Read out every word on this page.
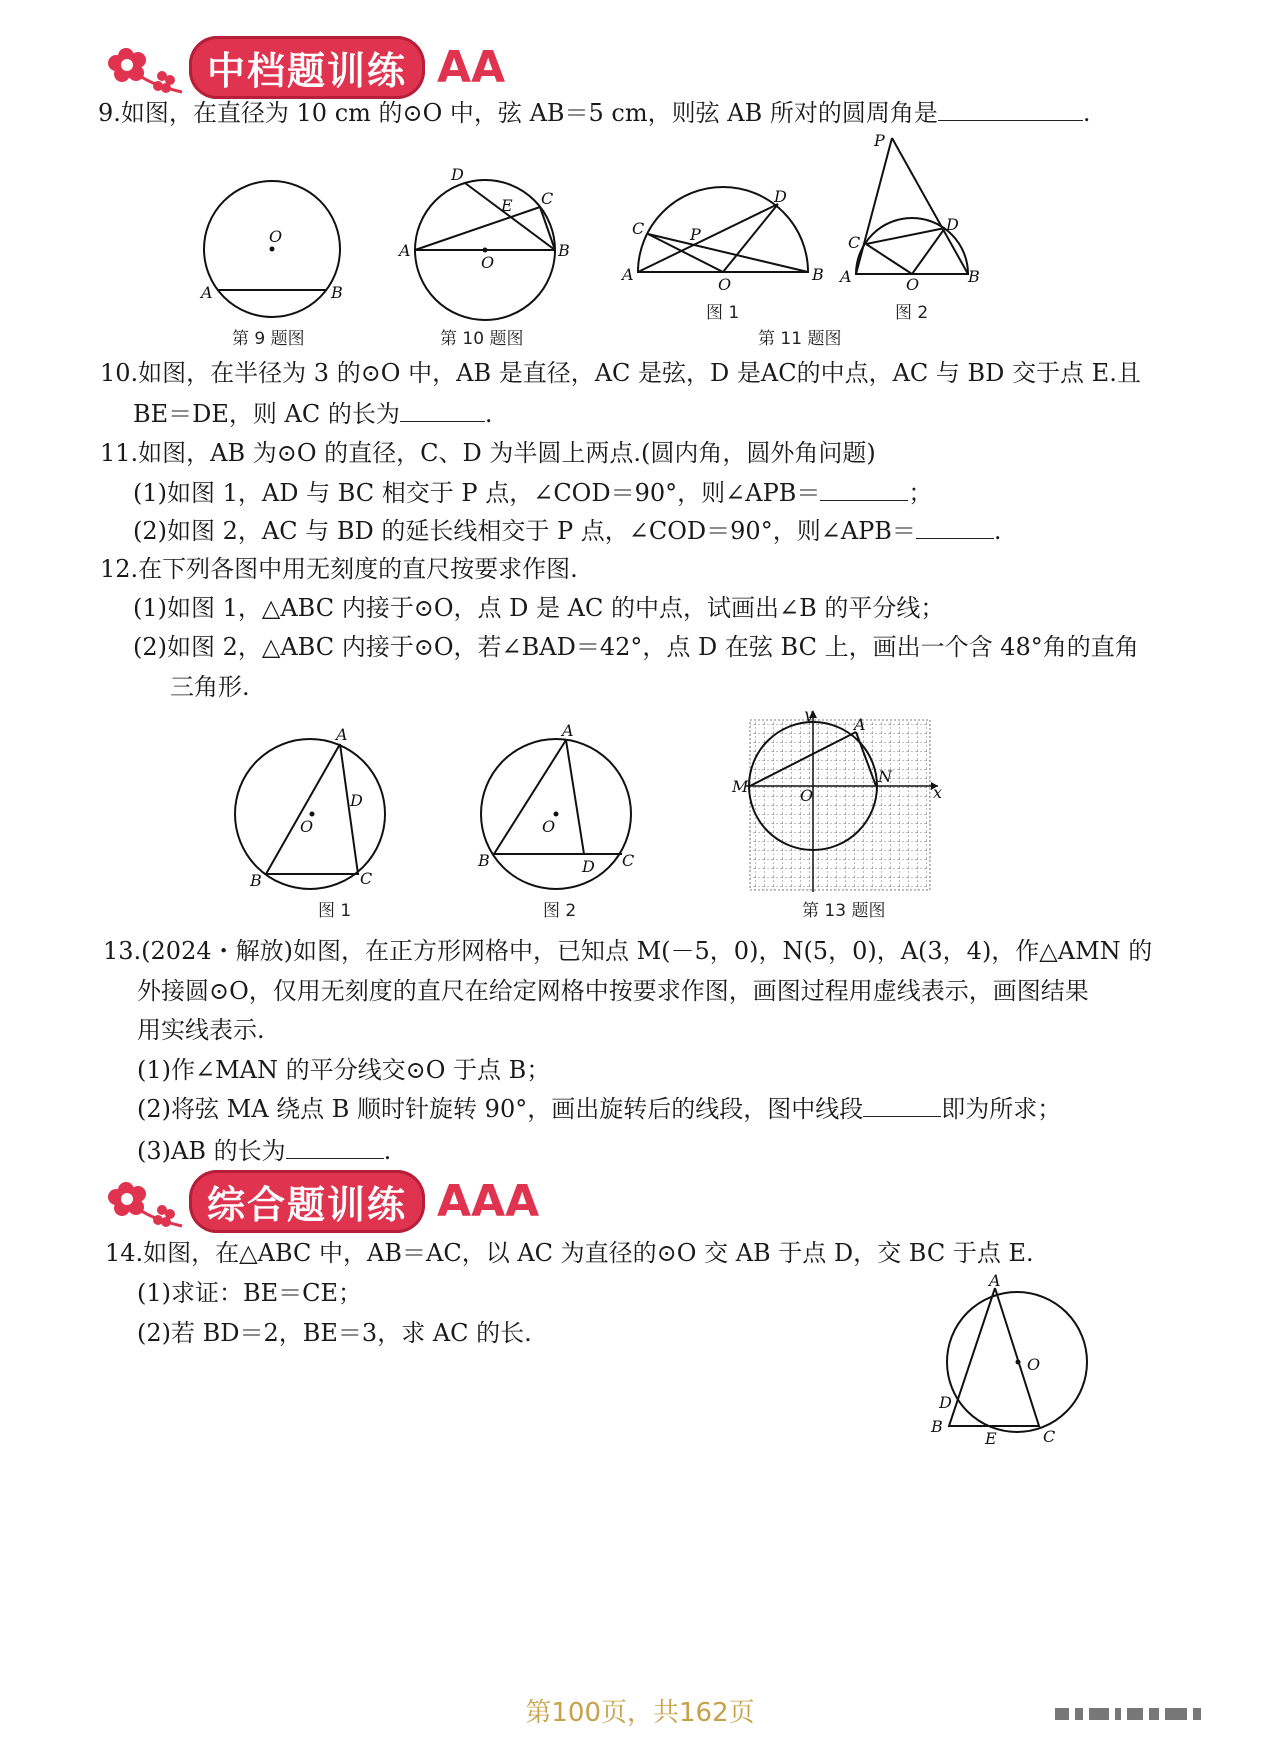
中档题训练 AA
9.如图，在直径为 10 cm 的⊙O 中，弦 AB＝5 cm，则弦 AB 所对的圆周角是	.
O
A	B
第 9 题图
D
E C
A
O
B
第 10 题图
C	P
D
A
O
B
图 1
P
D
C
A	O	B
图 2
第 11 题图
10.如图，在半径为 3 的⊙O 中，AB 是直径，AC 是弦，D 是AC的中点，AC 与 BD 交于点 E.且
BE＝DE，则 AC 的长为	.
11.如图，AB 为⊙O 的直径，C、D 为半圆上两点.(圆内角，圆外角问题)
(1)如图 1，AD 与 BC 相交于 P 点，∠COD＝90°，则∠APB＝	；
(2)如图 2，AC 与 BD 的延长线相交于 P 点，∠COD＝90°，则∠APB＝	.
12.在下列各图中用无刻度的直尺按要求作图.
(1)如图 1，△ABC 内接于⊙O，点 D 是 AC 的中点，试画出∠B 的平分线；
(2)如图 2，△ABC 内接于⊙O，若∠BAD＝42°，点 D 在弦 BC 上，画出一个含 48°角的直角
三角形.
A
D
O
B	C
图 1
A
O
B	D C
图 2
y
A
M
N
O	x
第 13 题图
13.(2024・解放)如图，在正方形网格中，已知点 M(－5，0)，N(5，0)，A(3，4)，作△AMN 的
外接圆⊙O，仅用无刻度的直尺在给定网格中按要求作图，画图过程用虚线表示，画图结果
用实线表示.
(1)作∠MAN 的平分线交⊙O 于点 B；
(2)将弦 MA 绕点 B 顺时针旋转 90°，画出旋转后的线段，图中线段	即为所求；
(3)AB 的长为	.
综合题训练 AAA
14.如图，在△ABC 中，AB＝AC，以 AC 为直径的⊙O 交 AB 于点 D，交 BC 于点 E.
(1)求证：BE＝CE；
(2)若 BD＝2，BE＝3，求 AC 的长.
A
O
D
B
E	C
第100页，共162页
